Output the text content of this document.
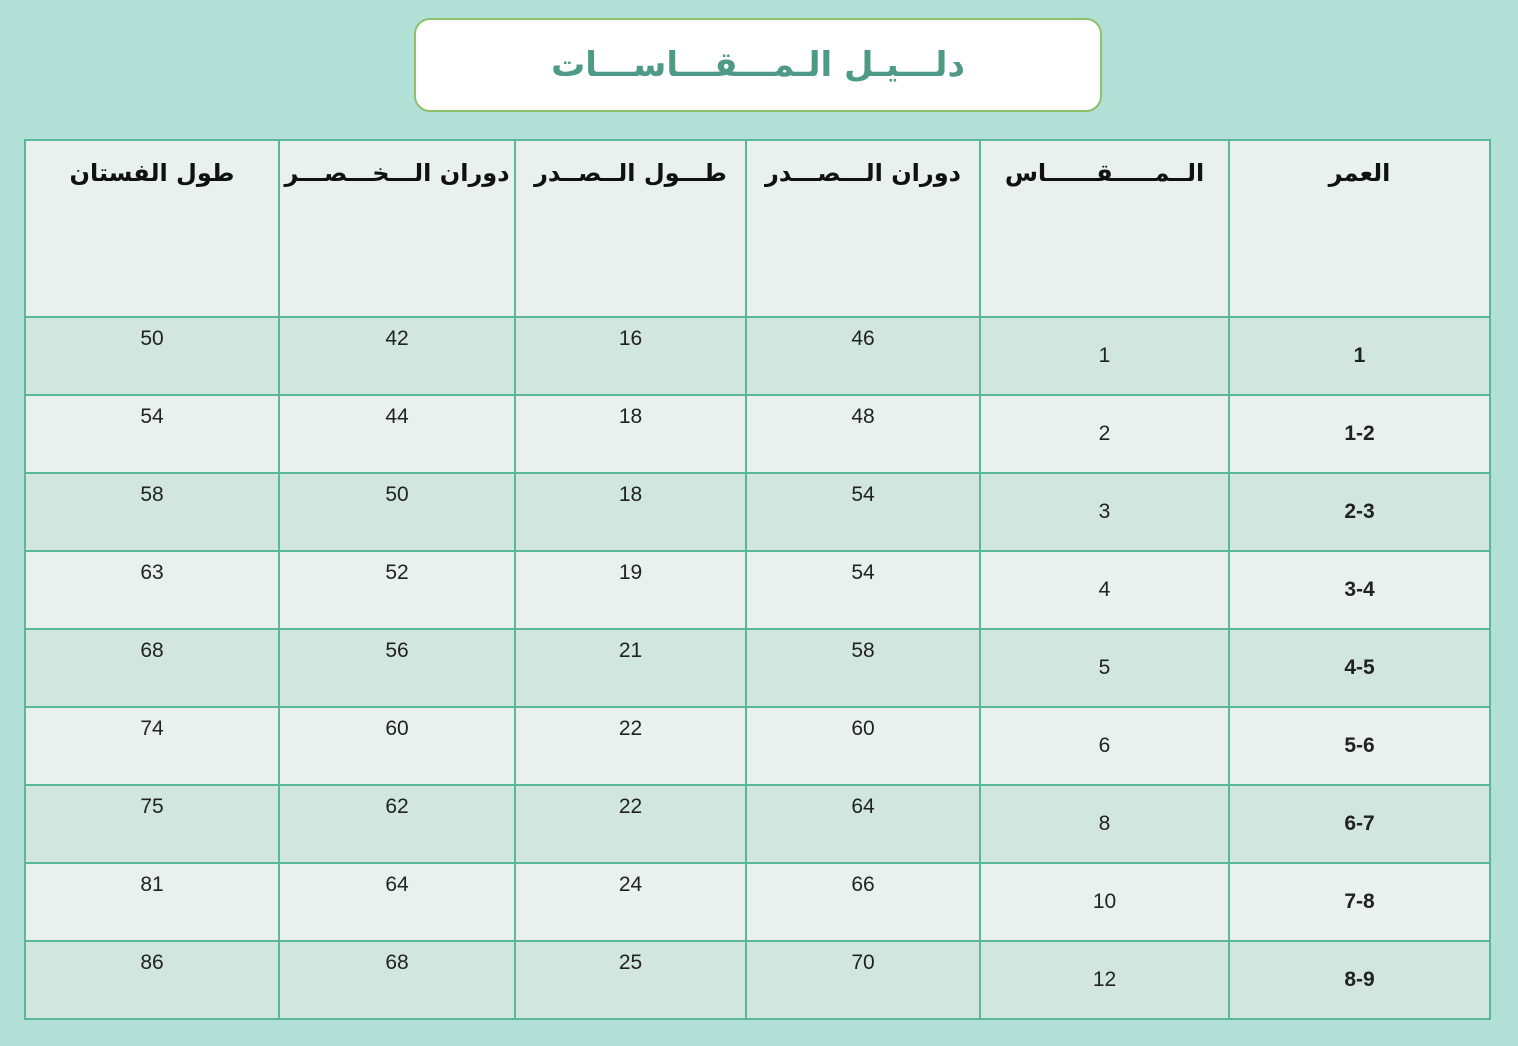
دلـــيـل الـمـــقـــاســـات
العمر	الــمـــــقــــــاس	دوران الـــصـــدر	طـــول الــصــدر	دوران الـــخـــصـــر	طول الفستان
1	1	46	16	42	50
1-2	2	48	18	44	54
2-3	3	54	18	50	58
3-4	4	54	19	52	63
4-5	5	58	21	56	68
5-6	6	60	22	60	74
6-7	8	64	22	62	75
7-8	10	66	24	64	81
8-9	12	70	25	68	86
